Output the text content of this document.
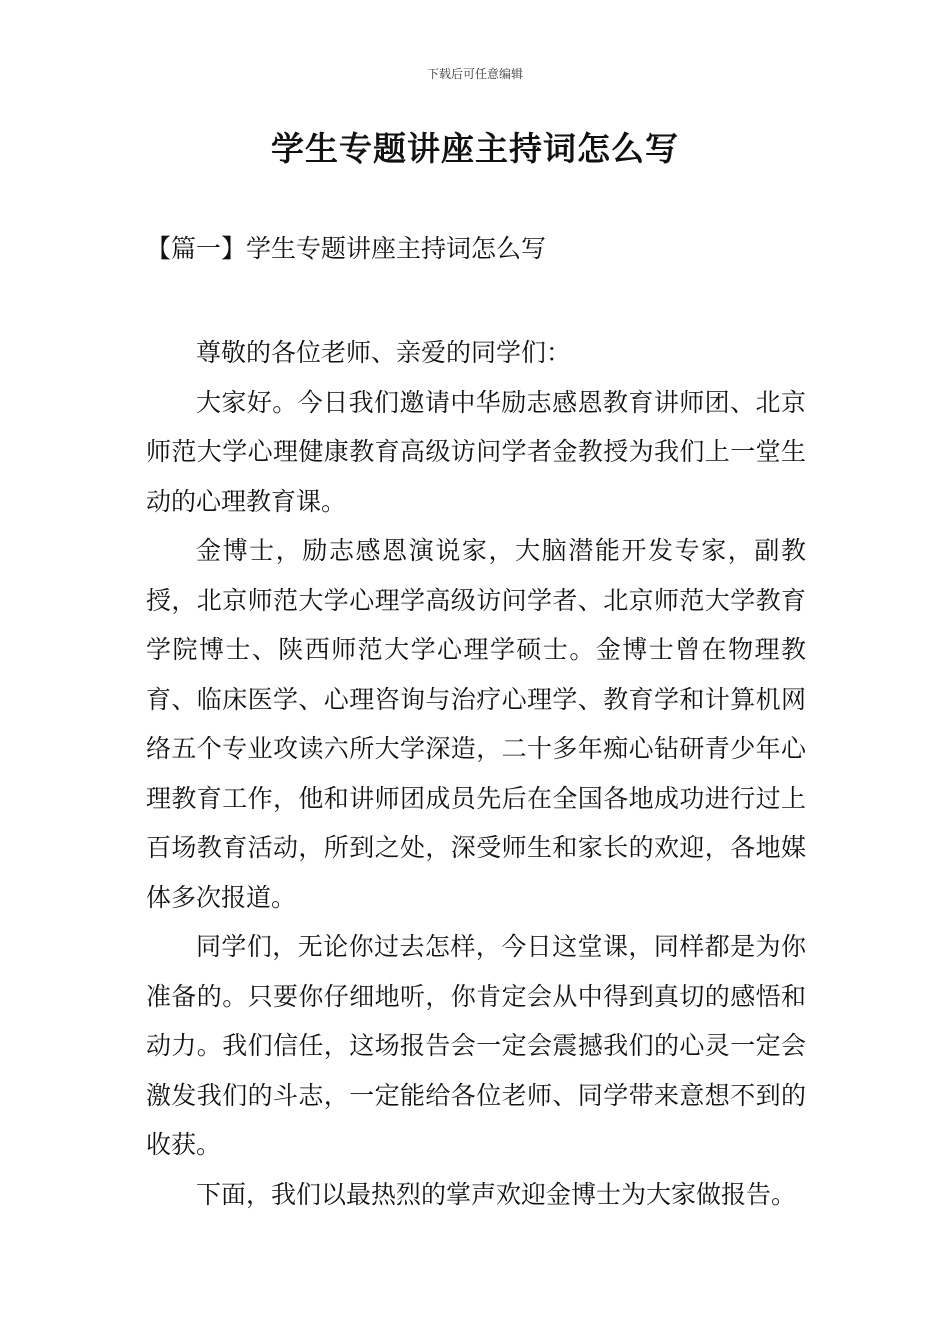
下载后可任意编辑
学生专题讲座主持词怎么写
【篇一】学生专题讲座主持词怎么写

尊敬的各位老师、亲爱的同学们：

大家好。今日我们邀请中华励志感恩教育讲师团、北京师范大学心理健康教育高级访问学者金教授为我们上一堂生动的心理教育课。

金博士，励志感恩演说家，大脑潜能开发专家，副教授，北京师范大学心理学高级访问学者、北京师范大学教育学院博士、陕西师范大学心理学硕士。金博士曾在物理教育、临床医学、心理咨询与治疗心理学、教育学和计算机网络五个专业攻读六所大学深造，二十多年痴心钻研青少年心理教育工作，他和讲师团成员先后在全国各地成功进行过上百场教育活动，所到之处，深受师生和家长的欢迎，各地媒体多次报道。

同学们，无论你过去怎样，今日这堂课，同样都是为你准备的。只要你仔细地听，你肯定会从中得到真切的感悟和动力。我们信任，这场报告会一定会震撼我们的心灵一定会激发我们的斗志，一定能给各位老师、同学带来意想不到的收获。

下面，我们以最热烈的掌声欢迎金博士为大家做报告。
